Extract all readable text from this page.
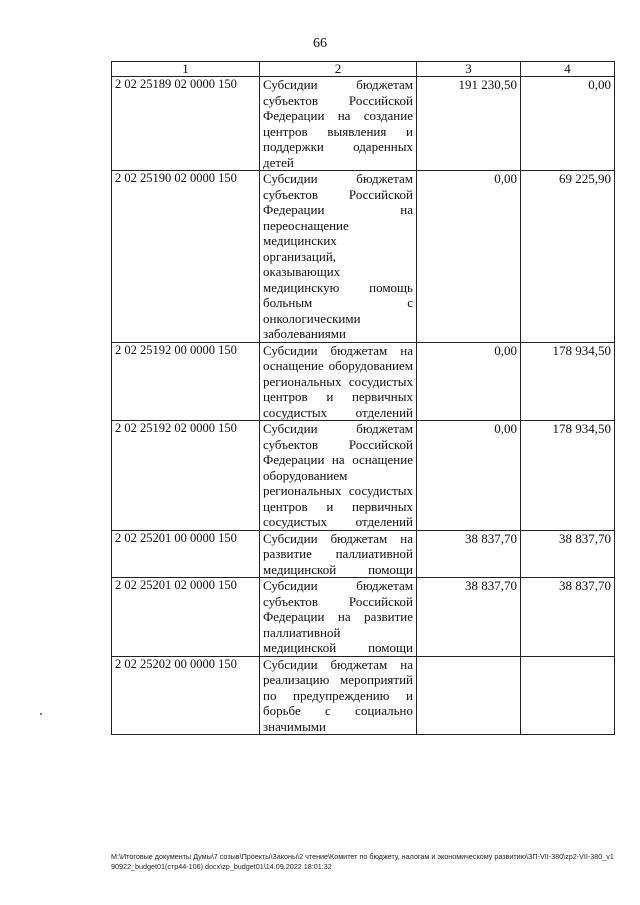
66
1	2	3	4
2 02 25189 02 0000 150	Субсидии бюджетам субъектов Российской Федерации на создание центров выявления и поддержки одаренных детей	191 230,50	0,00
2 02 25190 02 0000 150	Субсидии бюджетам субъектов Российской Федерации на переоснащение медицинских организаций, оказывающих медицинскую помощь больным с онкологическими заболеваниями	0,00	69 225,90
2 02 25192 00 0000 150	Субсидии бюджетам на оснащение оборудованием региональных сосудистых центров и первичных сосудистых отделений	0,00	178 934,50
2 02 25192 02 0000 150	Субсидии бюджетам субъектов Российской Федерации на оснащение оборудованием региональных сосудистых центров и первичных сосудистых отделений	0,00	178 934,50
2 02 25201 00 0000 150	Субсидии бюджетам на развитие паллиативной медицинской помощи	38 837,70	38 837,70
2 02 25201 02 0000 150	Субсидии бюджетам субъектов Российской Федерации на развитие паллиативной медицинской помощи	38 837,70	38 837,70
2 02 25202 00 0000 150	Субсидии бюджетам на реализацию мероприятий по предупреждению и борьбе с социально значимыми		

M:\Итоговые документы Думы\7 созыв\Проекты\Законы\2 чтение\Комитет по бюджету, налогам и экономическому развитию\ЗП-VII-380\zp2-VII-380_v190922_budget01(стр44-106).docx\zp_budget01\14.09.2022 18:01:32
